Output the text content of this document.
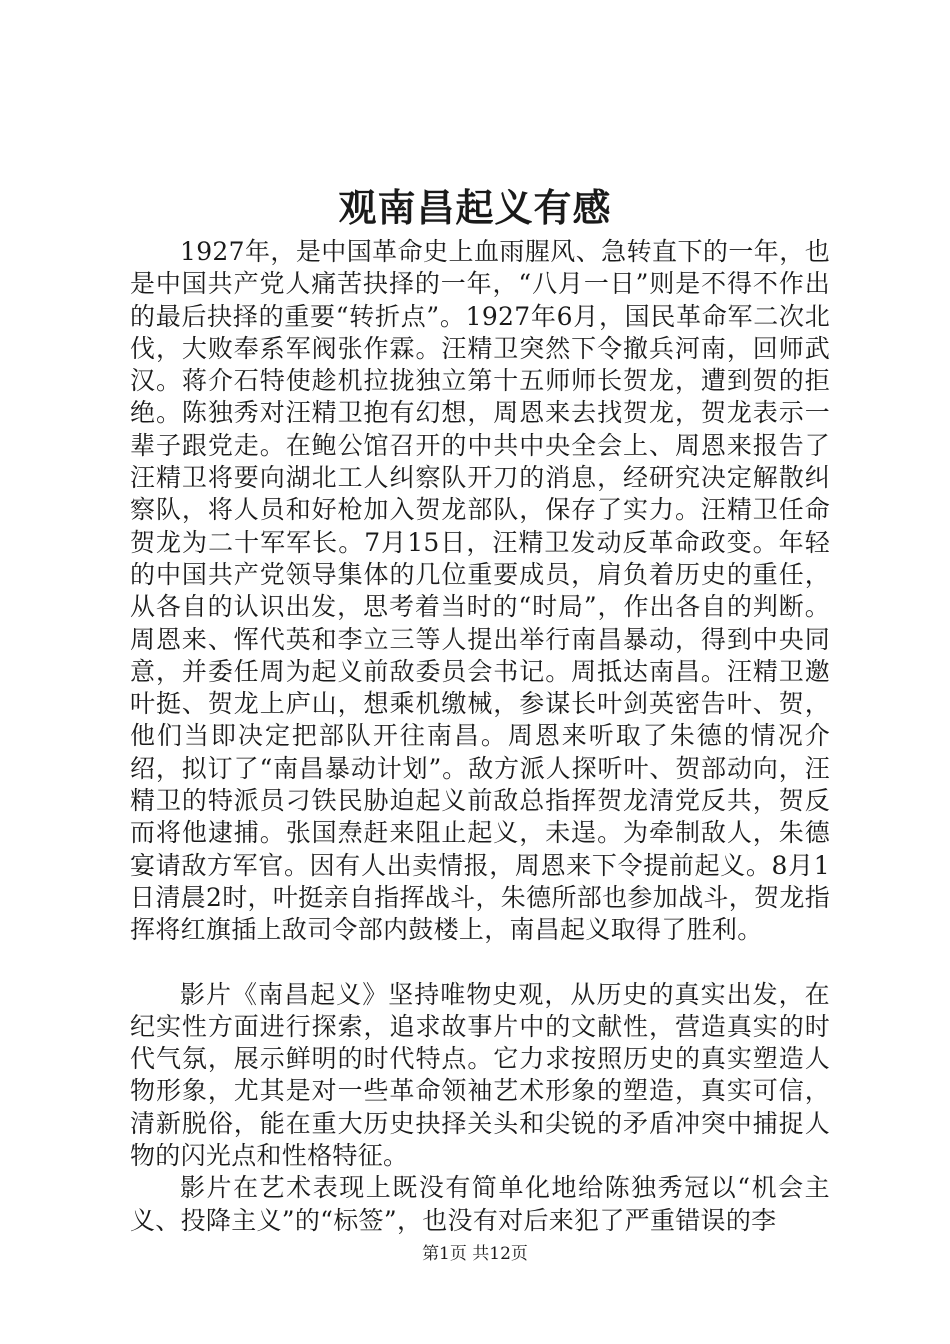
观南昌起义有感

1927年，是中国革命史上血雨腥风、急转直下的一年，也是中国共产党人痛苦抉择的一年，“八月一日”则是不得不作出的最后抉择的重要“转折点”。1927年6月，国民革命军二次北伐，大败奉系军阀张作霖。汪精卫突然下令撤兵河南，回师武汉。蒋介石特使趁机拉拢独立第十五师师长贺龙，遭到贺的拒绝。陈独秀对汪精卫抱有幻想，周恩来去找贺龙，贺龙表示一辈子跟党走。在鲍公馆召开的中共中央全会上、周恩来报告了汪精卫将要向湖北工人纠察队开刀的消息，经研究决定解散纠察队，将人员和好枪加入贺龙部队，保存了实力。汪精卫任命贺龙为二十军军长。7月15日，汪精卫发动反革命政变。年轻的中国共产党领导集体的几位重要成员，肩负着历史的重任，从各自的认识出发，思考着当时的“时局”，作出各自的判断。周恩来、恽代英和李立三等人提出举行南昌暴动，得到中央同意，并委任周为起义前敌委员会书记。周抵达南昌。汪精卫邀叶挺、贺龙上庐山，想乘机缴械，参谋长叶剑英密告叶、贺，他们当即决定把部队开往南昌。周恩来听取了朱德的情况介绍，拟订了“南昌暴动计划”。敌方派人探听叶、贺部动向，汪精卫的特派员刁铁民胁迫起义前敌总指挥贺龙清党反共，贺反而将他逮捕。张国焘赶来阻止起义，未逞。为牵制敌人，朱德宴请敌方军官。因有人出卖情报，周恩来下令提前起义。8月1日清晨2时，叶挺亲自指挥战斗，朱德所部也参加战斗，贺龙指挥将红旗插上敌司令部内鼓楼上，南昌起义取得了胜利。

影片《南昌起义》坚持唯物史观，从历史的真实出发，在纪实性方面进行探索，追求故事片中的文献性，营造真实的时代气氛，展示鲜明的时代特点。它力求按照历史的真实塑造人物形象，尤其是对一些革命领袖艺术形象的塑造，真实可信，清新脱俗，能在重大历史抉择关头和尖锐的矛盾冲突中捕捉人物的闪光点和性格特征。

影片在艺术表现上既没有简单化地给陈独秀冠以“机会主义、投降主义”的“标签”，也没有对后来犯了严重错误的李

第1页 共12页
